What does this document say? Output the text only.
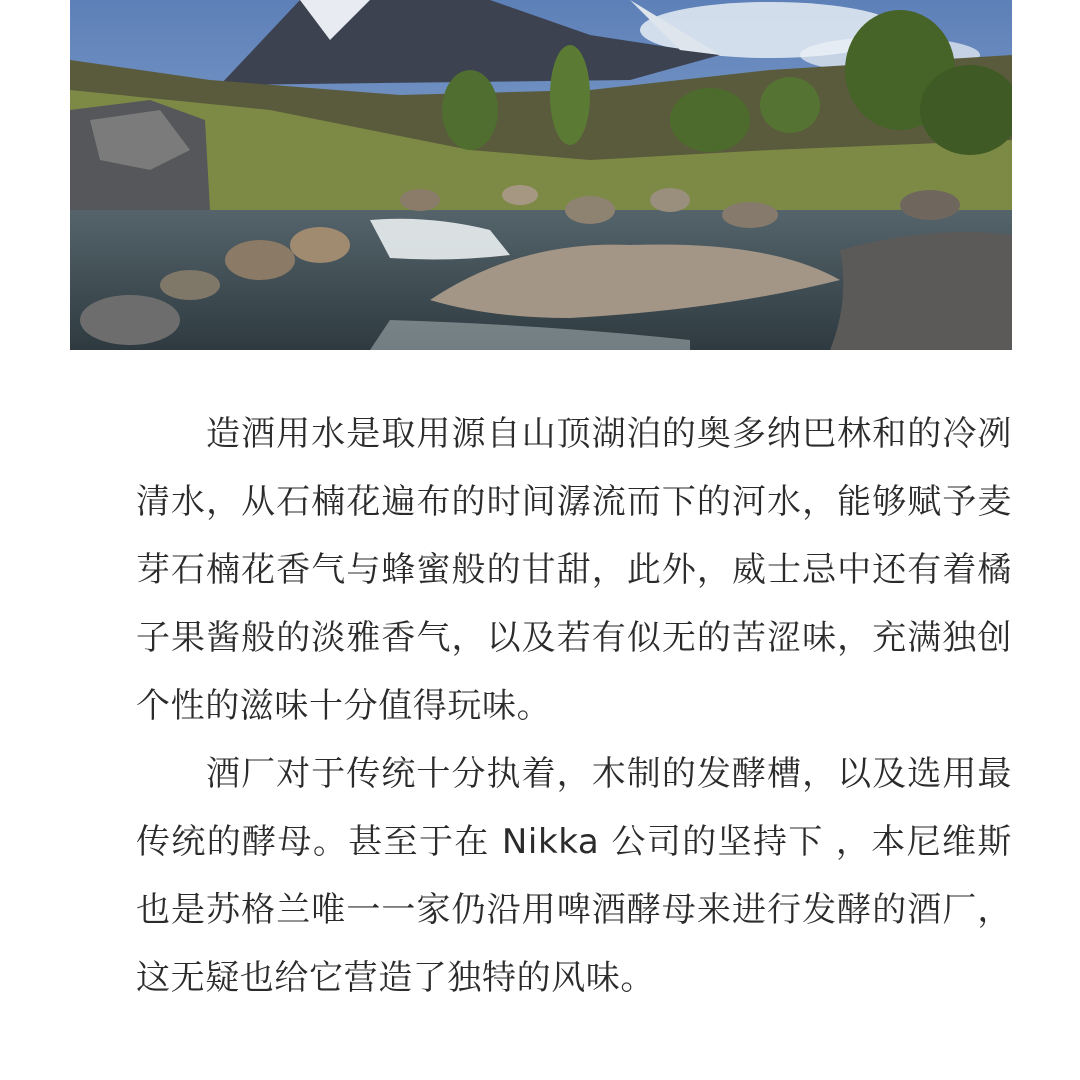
造酒用水是取用源自山顶湖泊的奥多纳巴林和的冷冽清水，从石楠花遍布的时间潺流而下的河水，能够赋予麦芽石楠花香气与蜂蜜般的甘甜，此外，威士忌中还有着橘子果酱般的淡雅香气，以及若有似无的苦涩味，充满独创个性的滋味十分值得玩味。

酒厂对于传统十分执着，木制的发酵槽，以及选用最传统的酵母。甚至于在 Nikka 公司的坚持下 ，本尼维斯也是苏格兰唯一一家仍沿用啤酒酵母来进行发酵的酒厂，这无疑也给它营造了独特的风味。
